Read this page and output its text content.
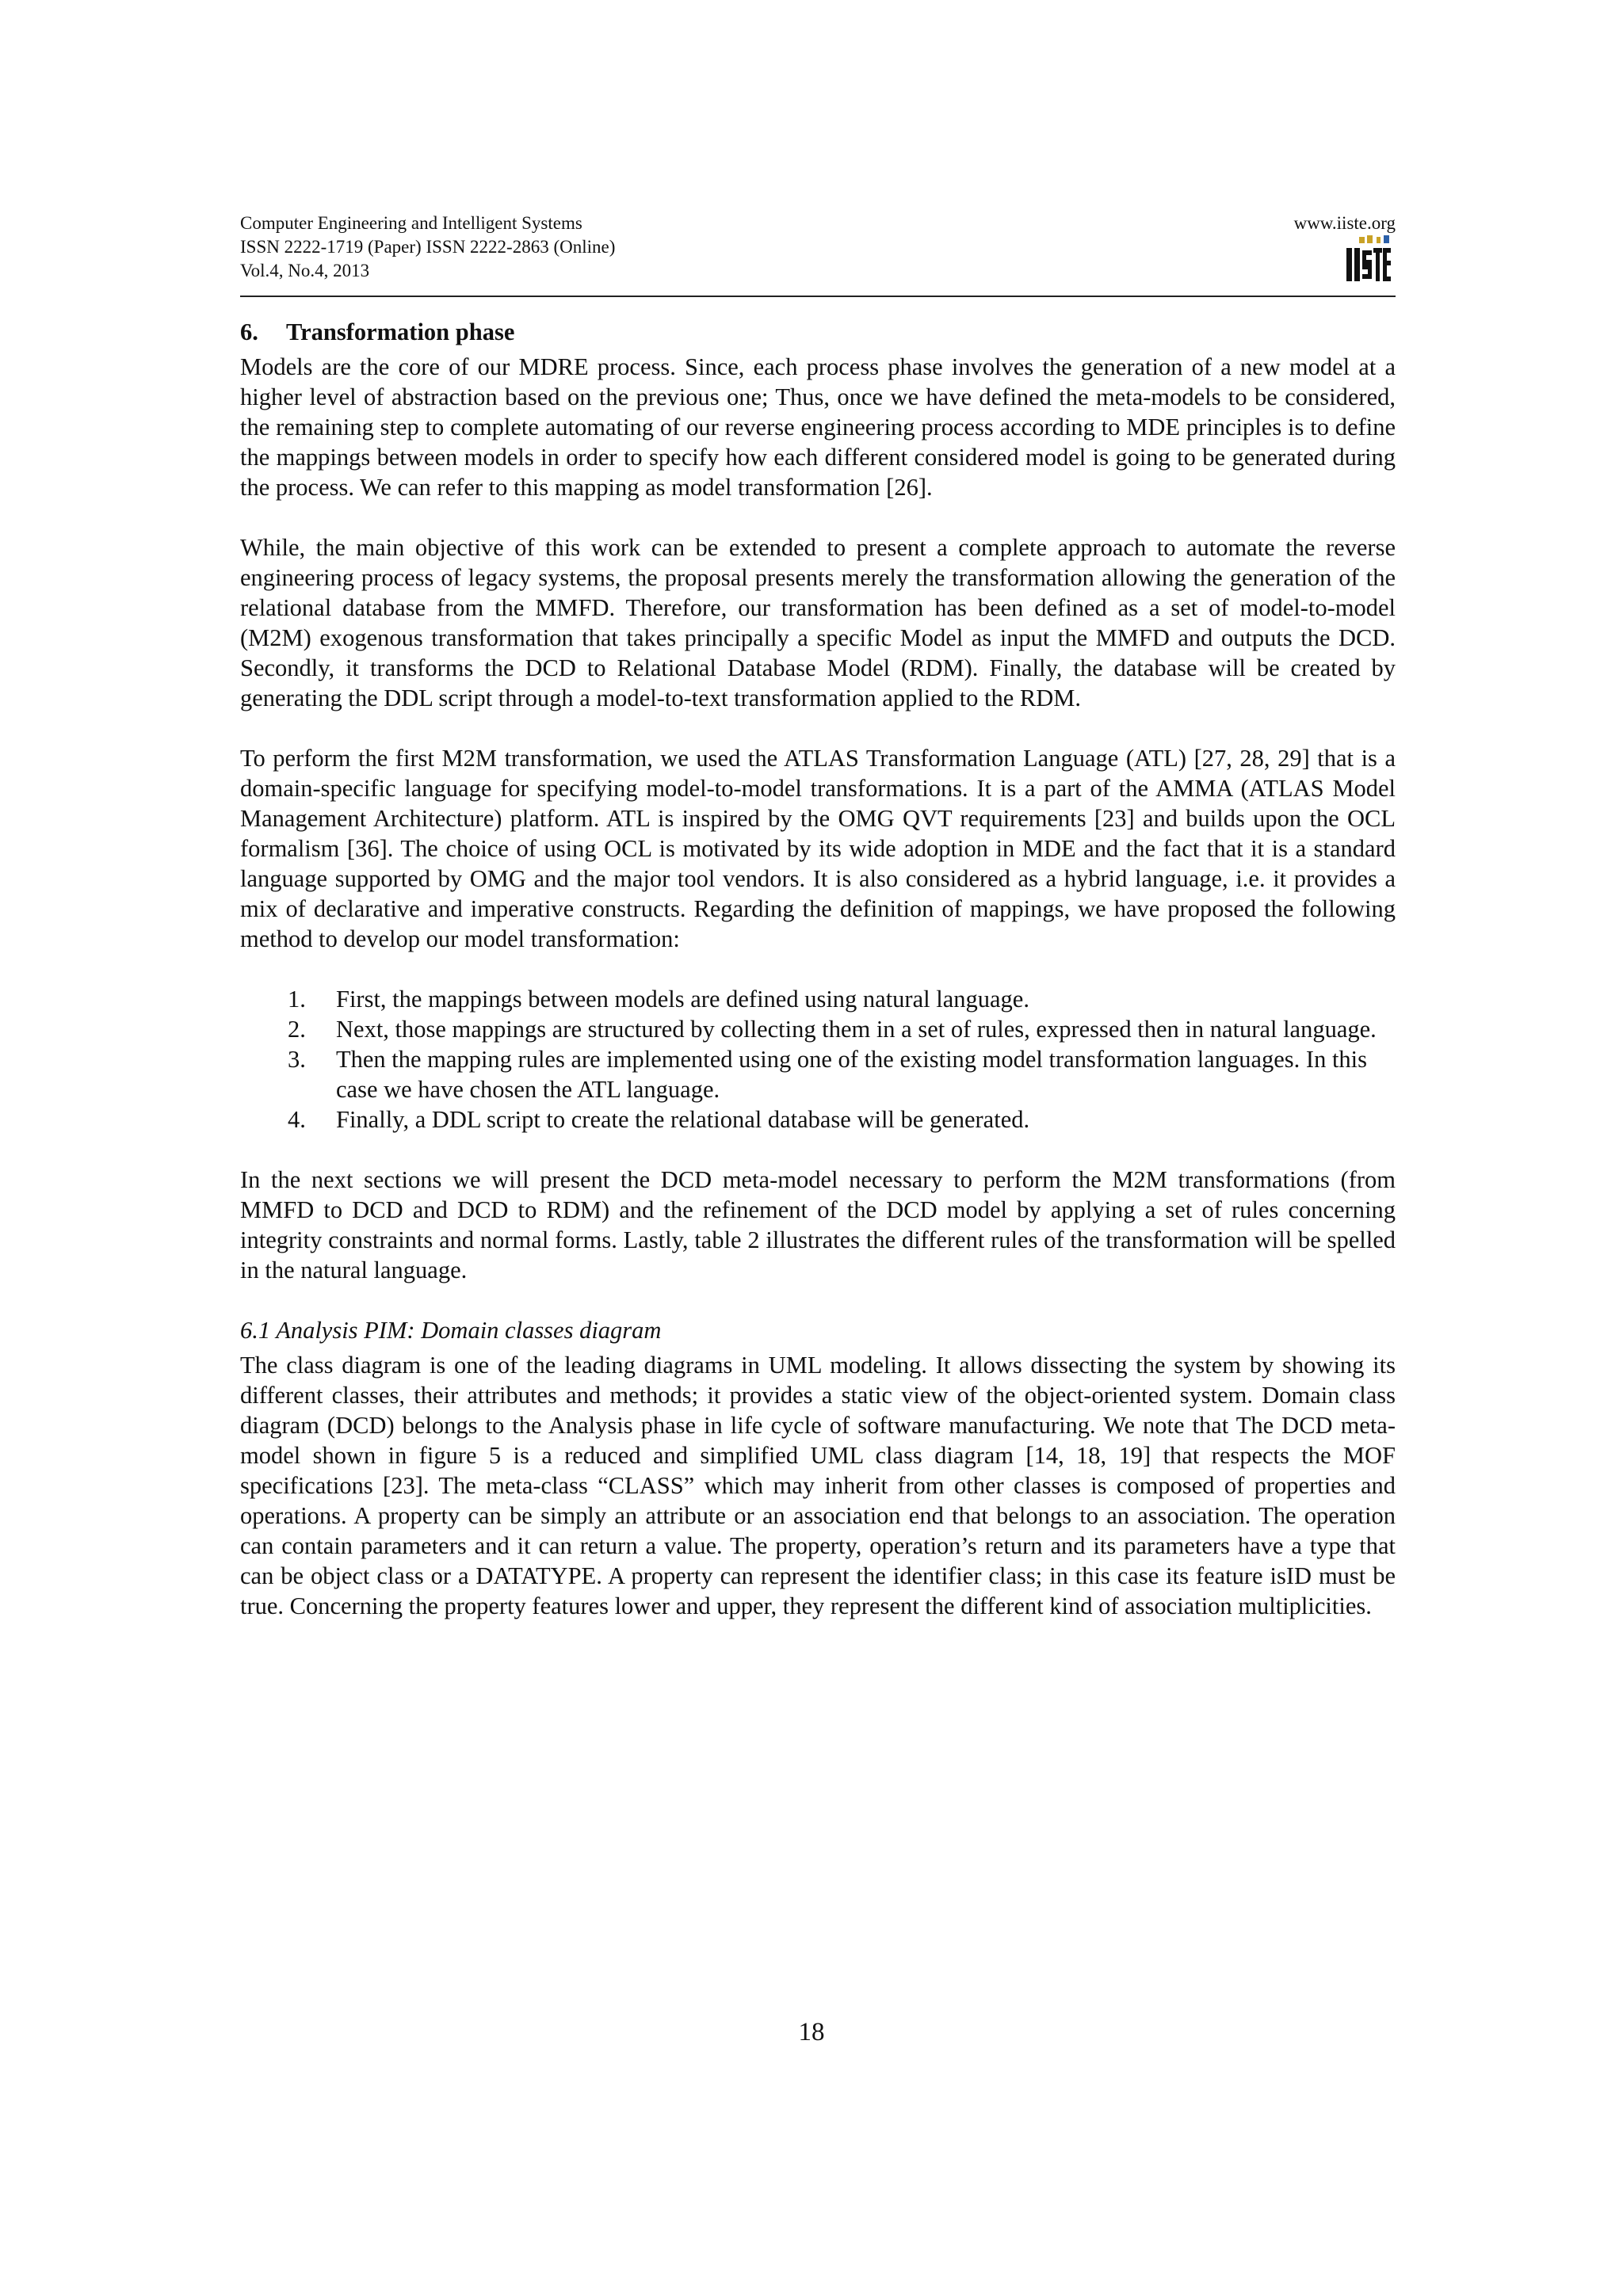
Computer Engineering and Intelligent Systems
ISSN 2222-1719 (Paper) ISSN 2222-2863 (Online)
Vol.4, No.4, 2013
www.iiste.org
6. Transformation phase

Models are the core of our MDRE process. Since, each process phase involves the generation of a new model at a higher level of abstraction based on the previous one; Thus, once we have defined the meta-models to be considered, the remaining step to complete automating of our reverse engineering process according to MDE principles is to define the mappings between models in order to specify how each different considered model is going to be generated during the process. We can refer to this mapping as model transformation [26].

While, the main objective of this work can be extended to present a complete approach to automate the reverse engineering process of legacy systems, the proposal presents merely the transformation allowing the generation of the relational database from the MMFD. Therefore, our transformation has been defined as a set of model-to-model (M2M) exogenous transformation that takes principally a specific Model as input the MMFD and outputs the DCD. Secondly, it transforms the DCD to Relational Database Model (RDM). Finally, the database will be created by generating the DDL script through a model-to-text transformation applied to the RDM.

To perform the first M2M transformation, we used the ATLAS Transformation Language (ATL) [27, 28, 29] that is a domain-specific language for specifying model-to-model transformations. It is a part of the AMMA (ATLAS Model Management Architecture) platform. ATL is inspired by the OMG QVT requirements [23] and builds upon the OCL formalism [36]. The choice of using OCL is motivated by its wide adoption in MDE and the fact that it is a standard language supported by OMG and the major tool vendors. It is also considered as a hybrid language, i.e. it provides a mix of declarative and imperative constructs. Regarding the definition of mappings, we have proposed the following method to develop our model transformation:

1. First, the mappings between models are defined using natural language.
2. Next, those mappings are structured by collecting them in a set of rules, expressed then in natural language.
3. Then the mapping rules are implemented using one of the existing model transformation languages. In this case we have chosen the ATL language.
4. Finally, a DDL script to create the relational database will be generated.

In the next sections we will present the DCD meta-model necessary to perform the M2M transformations (from MMFD to DCD and DCD to RDM) and the refinement of the DCD model by applying a set of rules concerning integrity constraints and normal forms. Lastly, table 2 illustrates the different rules of the transformation will be spelled in the natural language.

6.1 Analysis PIM: Domain classes diagram

The class diagram is one of the leading diagrams in UML modeling. It allows dissecting the system by showing its different classes, their attributes and methods; it provides a static view of the object-oriented system. Domain class diagram (DCD) belongs to the Analysis phase in life cycle of software manufacturing. We note that The DCD meta-model shown in figure 5 is a reduced and simplified UML class diagram [14, 18, 19] that respects the MOF specifications [23]. The meta-class “CLASS” which may inherit from other classes is composed of properties and operations. A property can be simply an attribute or an association end that belongs to an association. The operation can contain parameters and it can return a value. The property, operation’s return and its parameters have a type that can be object class or a DATATYPE. A property can represent the identifier class; in this case its feature isID must be true. Concerning the property features lower and upper, they represent the different kind of association multiplicities.

18
